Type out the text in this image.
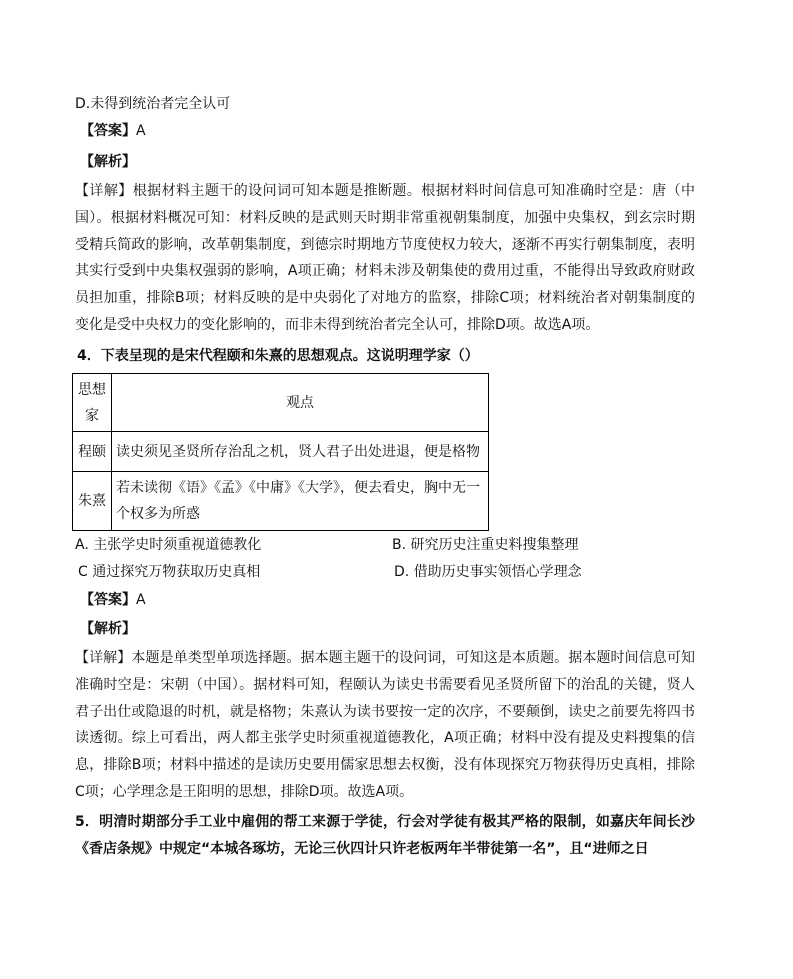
D.未得到统治者完全认可
【答案】A
【解析】
【详解】根据材料主题干的设问词可知本题是推断题。根据材料时间信息可知准确时空是：唐（中国）。根据材料概况可知：材料反映的是武则天时期非常重视朝集制度，加强中央集权，到玄宗时期受精兵简政的影响，改革朝集制度，到德宗时期地方节度使权力较大，逐渐不再实行朝集制度，表明其实行受到中央集权强弱的影响，A项正确；材料未涉及朝集使的费用过重，不能得出导致政府财政员担加重，排除B项；材料反映的是中央弱化了对地方的监察，排除C项；材料统治者对朝集制度的变化是受中央权力的变化影响的，而非未得到统治者完全认可，排除D项。故选A项。
4．下表呈现的是宋代程颐和朱熹的思想观点。这说明理学家（）
思想家	观点
程颐	读史须见圣贤所存治乱之机，贤人君子出处进退，便是格物
朱熹	若未读彻《语》《孟》《中庸》《大学》，便去看史，胸中无一个权多为所惑
A. 主张学史时须重视道德教化	B. 研究历史注重史料搜集整理
C 通过探究万物获取历史真相	D. 借助历史事实领悟心学理念
【答案】A
【解析】
【详解】本题是单类型单项选择题。据本题主题干的设问词，可知这是本质题。据本题时间信息可知准确时空是：宋朝（中国）。据材料可知，程颐认为读史书需要看见圣贤所留下的治乱的关键，贤人君子出仕或隐退的时机，就是格物；朱熹认为读书要按一定的次序，不要颠倒，读史之前要先将四书读透彻。综上可看出，两人都主张学史时须重视道德教化，A项正确；材料中没有提及史料搜集的信息，排除B项；材料中描述的是读历史要用儒家思想去权衡，没有体现探究万物获得历史真相，排除C项；心学理念是王阳明的思想，排除D项。故选A项。
5．明清时期部分手工业中雇佣的帮工来源于学徒，行会对学徒有极其严格的限制，如嘉庆年间长沙《香店条规》中规定“本城各琢坊，无论三伙四计只许老板两年半带徒第一名”，且“进师之日
